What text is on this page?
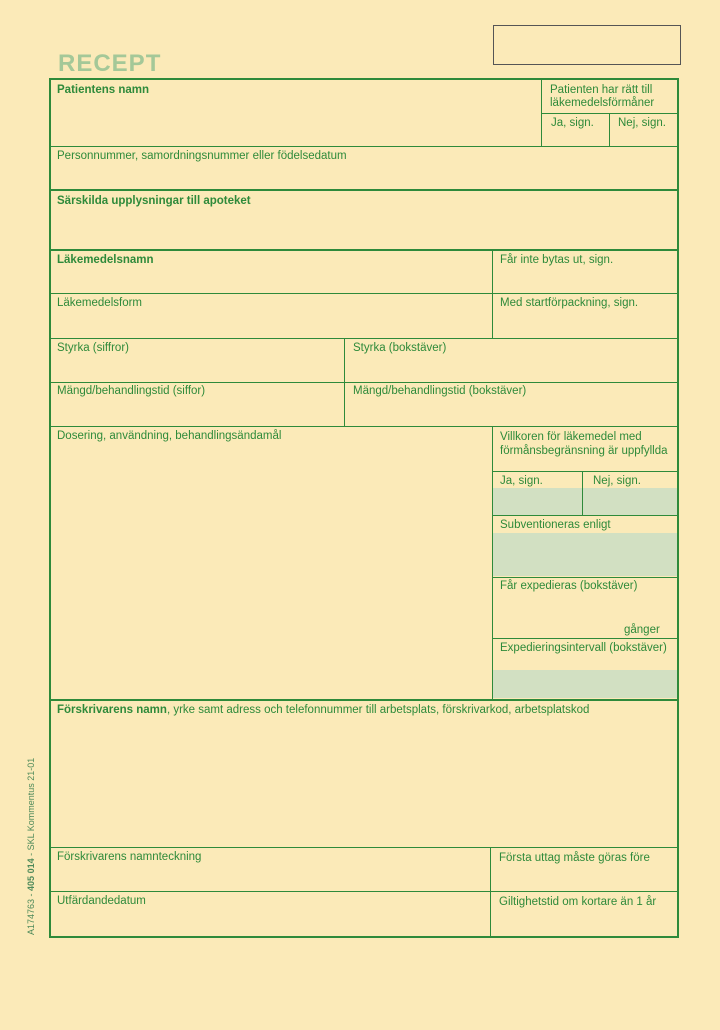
RECEPT
Patientens namn	Patienten har rätt till läkemedelsförmåner
Ja, sign. Nej, sign.
Personnummer, samordningsnummer eller födelsedatum
Särskilda upplysningar till apoteket
Läkemedelsnamn	Får inte bytas ut, sign.
Läkemedelsform	Med startförpackning, sign.
Styrka (siffror)	Styrka (bokstäver)
Mängd/behandlingstid (siffor)	Mängd/behandlingstid (bokstäver)
Dosering, användning, behandlingsändamål	Villkoren för läkemedel med förmånsbegränsning är uppfyllda
Ja, sign.	Nej, sign.
Subventioneras enligt
Får expedieras (bokstäver)
gånger
Expedieringsintervall (bokstäver)
Förskrivarens namn, yrke samt adress och telefonnummer till arbetsplats, förskrivarkod, arbetsplatskod
Förskrivarens namnteckning	Första uttag måste göras före
Utfärdandedatum	Giltighetstid om kortare än 1 år
A174763 - 405 014 - SKL Kommentus 21-01
